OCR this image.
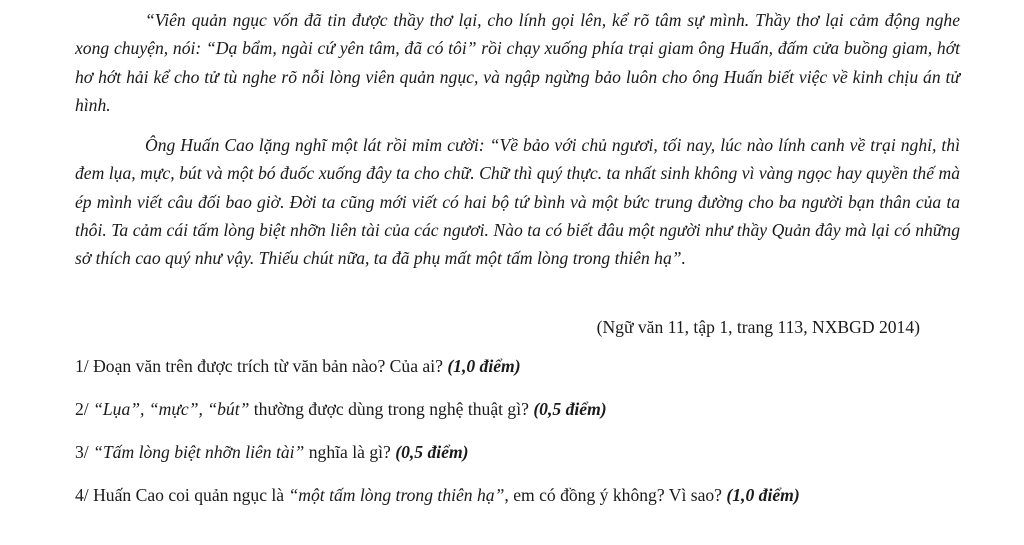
“Viên quản ngục vốn đã tin được thầy thơ lại, cho lính gọi lên, kể rõ tâm sự mình. Thầy thơ lại cảm động nghe xong chuyện, nói: “Dạ bẩm, ngài cứ yên tâm, đã có tôi” rồi chạy xuống phía trại giam ông Huấn, đấm cửa buồng giam, hớt hơ hớt hải kể cho tử tù nghe rõ nỗi lòng viên quản ngục, và ngập ngừng bảo luôn cho ông Huấn biết việc về kinh chịu án tử hình.

Ông Huấn Cao lặng nghĩ một lát rồi mỉm cười: “Về bảo với chủ ngươi, tối nay, lúc nào lính canh về trại nghỉ, thì đem lụa, mực, bút và một bó đuốc xuống đây ta cho chữ. Chữ thì quý thực. ta nhất sinh không vì vàng ngọc hay quyền thế mà ép mình viết câu đối bao giờ. Đời ta cũng mới viết có hai bộ tứ bình và một bức trung đường cho ba người bạn thân của ta thôi. Ta cảm cái tấm lòng biệt nhỡn liên tài của các ngươi. Nào ta có biết đâu một người như thầy Quản đây mà lại có những sở thích cao quý như vậy. Thiếu chút nữa, ta đã phụ mất một tấm lòng trong thiên hạ”.

(Ngữ văn 11, tập 1, trang 113, NXBGD 2014)

1/ Đoạn văn trên được trích từ văn bản nào? Của ai? (1,0 điểm)

2/ “Lụa”, “mực”, “bút” thường được dùng trong nghệ thuật gì? (0,5 điểm)

3/ “Tấm lòng biệt nhỡn liên tài” nghĩa là gì? (0,5 điểm)

4/ Huấn Cao coi quản ngục là “một tấm lòng trong thiên hạ”, em có đồng ý không? Vì sao? (1,0 điểm)
